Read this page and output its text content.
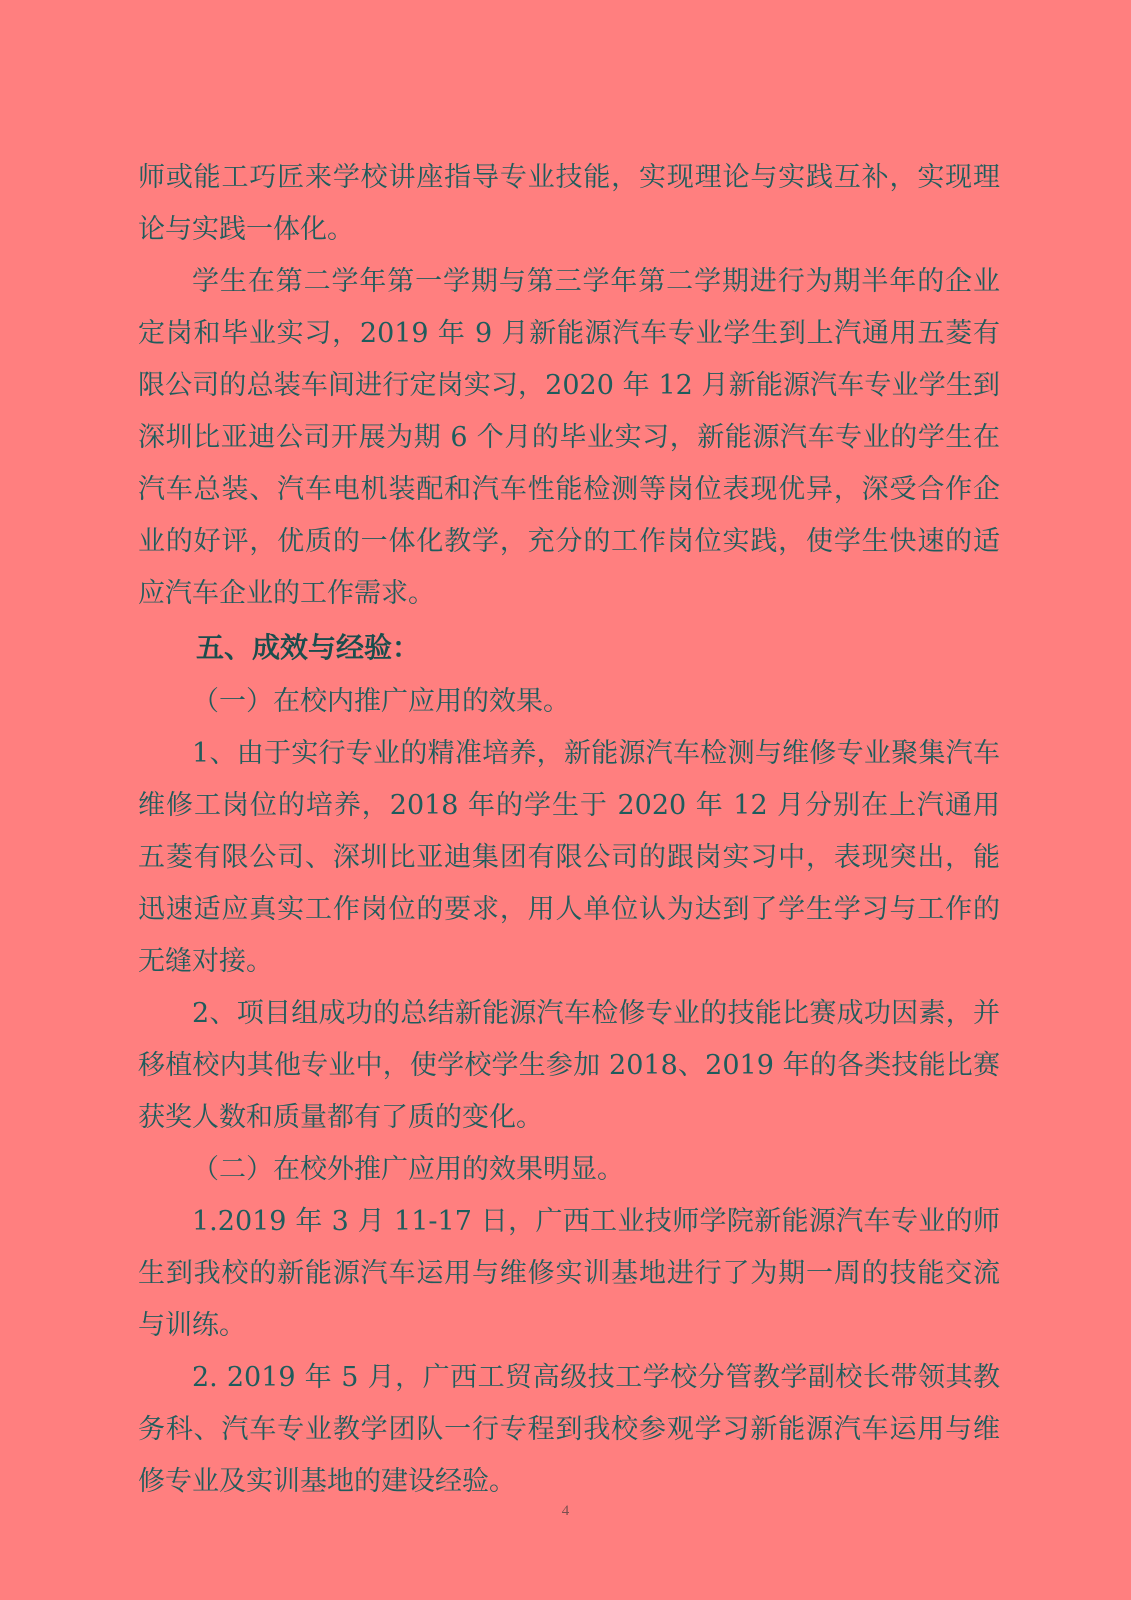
师或能工巧匠来学校讲座指导专业技能，实现理论与实践互补，实现理论与实践一体化。

学生在第二学年第一学期与第三学年第二学期进行为期半年的企业定岗和毕业实习，2019 年 9 月新能源汽车专业学生到上汽通用五菱有限公司的总装车间进行定岗实习，2020 年 12 月新能源汽车专业学生到深圳比亚迪公司开展为期 6 个月的毕业实习，新能源汽车专业的学生在汽车总装、汽车电机装配和汽车性能检测等岗位表现优异，深受合作企业的好评，优质的一体化教学，充分的工作岗位实践，使学生快速的适应汽车企业的工作需求。

五、成效与经验：

（一）在校内推广应用的效果。

1、由于实行专业的精准培养，新能源汽车检测与维修专业聚集汽车维修工岗位的培养，2018 年的学生于 2020 年 12 月分别在上汽通用五菱有限公司、深圳比亚迪集团有限公司的跟岗实习中，表现突出，能迅速适应真实工作岗位的要求，用人单位认为达到了学生学习与工作的无缝对接。

2、项目组成功的总结新能源汽车检修专业的技能比赛成功因素，并移植校内其他专业中，使学校学生参加 2018、2019 年的各类技能比赛获奖人数和质量都有了质的变化。

（二）在校外推广应用的效果明显。

1.2019 年 3 月 11-17 日，广西工业技师学院新能源汽车专业的师生到我校的新能源汽车运用与维修实训基地进行了为期一周的技能交流与训练。

2. 2019 年 5 月，广西工贸高级技工学校分管教学副校长带领其教务科、汽车专业教学团队一行专程到我校参观学习新能源汽车运用与维修专业及实训基地的建设经验。

4
